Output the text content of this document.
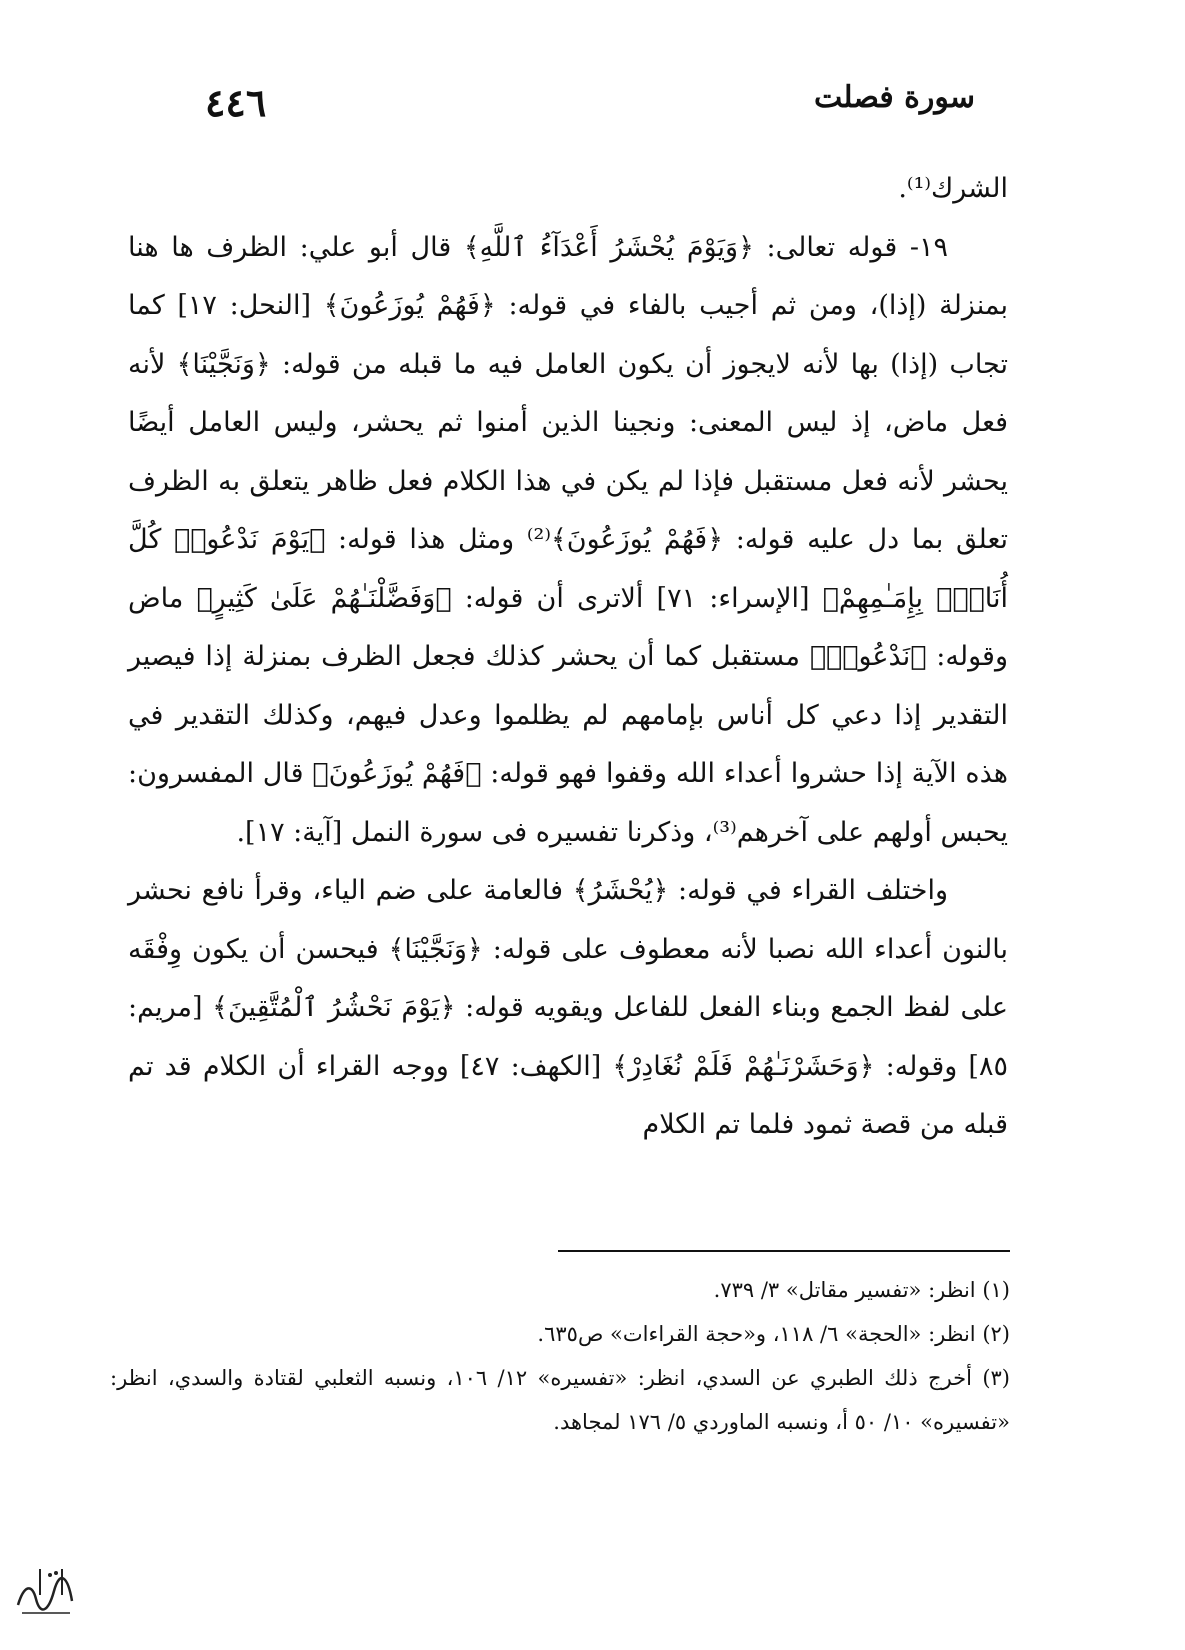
٤٤٦	سورة فصلت

الشرك⁽¹⁾.

١٩- قوله تعالى: ﴿وَيَوْمَ يُحْشَرُ أَعْدَآءُ ٱللَّهِ﴾ قال أبو علي: الظرف ها هنا بمنزلة (إذا)، ومن ثم أجيب بالفاء في قوله: ﴿فَهُمْ يُوزَعُونَ﴾ [النحل: ١٧] كما تجاب (إذا) بها لأنه لايجوز أن يكون العامل فيه ما قبله من قوله: ﴿وَنَجَّيْنَا﴾ لأنه فعل ماض، إذ ليس المعنى: ونجينا الذين أمنوا ثم يحشر، وليس العامل أيضًا يحشر لأنه فعل مستقبل فإذا لم يكن في هذا الكلام فعل ظاهر يتعلق به الظرف تعلق بما دل عليه قوله: ﴿فَهُمْ يُوزَعُونَ﴾⁽²⁾ ومثل هذا قوله: ﴿يَوْمَ نَدْعُوا۟ كُلَّ أُنَاسٍۭ بِإِمَـٰمِهِمْ﴾ [الإسراء: ٧١] ألاترى أن قوله: ﴿وَفَضَّلْنَـٰهُمْ عَلَىٰ كَثِيرٍ﴾ ماض وقوله: ﴿نَدْعُوا۟﴾ مستقبل كما أن يحشر كذلك فجعل الظرف بمنزلة إذا فيصير التقدير إذا دعي كل أناس بإمامهم لم يظلموا وعدل فيهم، وكذلك التقدير في هذه الآية إذا حشروا أعداء الله وقفوا فهو قوله: ﴿فَهُمْ يُوزَعُونَ﴾ قال المفسرون: يحبس أولهم على آخرهم⁽³⁾، وذكرنا تفسيره فى سورة النمل [آية: ١٧].

واختلف القراء في قوله: ﴿يُحْشَرُ﴾ فالعامة على ضم الياء، وقرأ نافع نحشر بالنون أعداء الله نصبا لأنه معطوف على قوله: ﴿وَنَجَّيْنَا﴾ فيحسن أن يكون وِفْقَه على لفظ الجمع وبناء الفعل للفاعل ويقويه قوله: ﴿يَوْمَ نَحْشُرُ ٱلْمُتَّقِينَ﴾ [مريم: ٨٥] وقوله: ﴿وَحَشَرْنَـٰهُمْ فَلَمْ نُغَادِرْ﴾ [الكهف: ٤٧] ووجه القراء أن الكلام قد تم قبله من قصة ثمود فلما تم الكلام

(١) انظر: «تفسير مقاتل» ٣/ ٧٣٩.

(٢) انظر: «الحجة» ٦/ ١١٨، و«حجة القراءات» ص٦٣٥.

(٣) أخرج ذلك الطبري عن السدي، انظر: «تفسيره» ١٢/ ١٠٦، ونسبه الثعلبي لقتادة والسدي، انظر: «تفسيره» ١٠/ ٥٠ أ، ونسبه الماوردي ٥/ ١٧٦ لمجاهد.
